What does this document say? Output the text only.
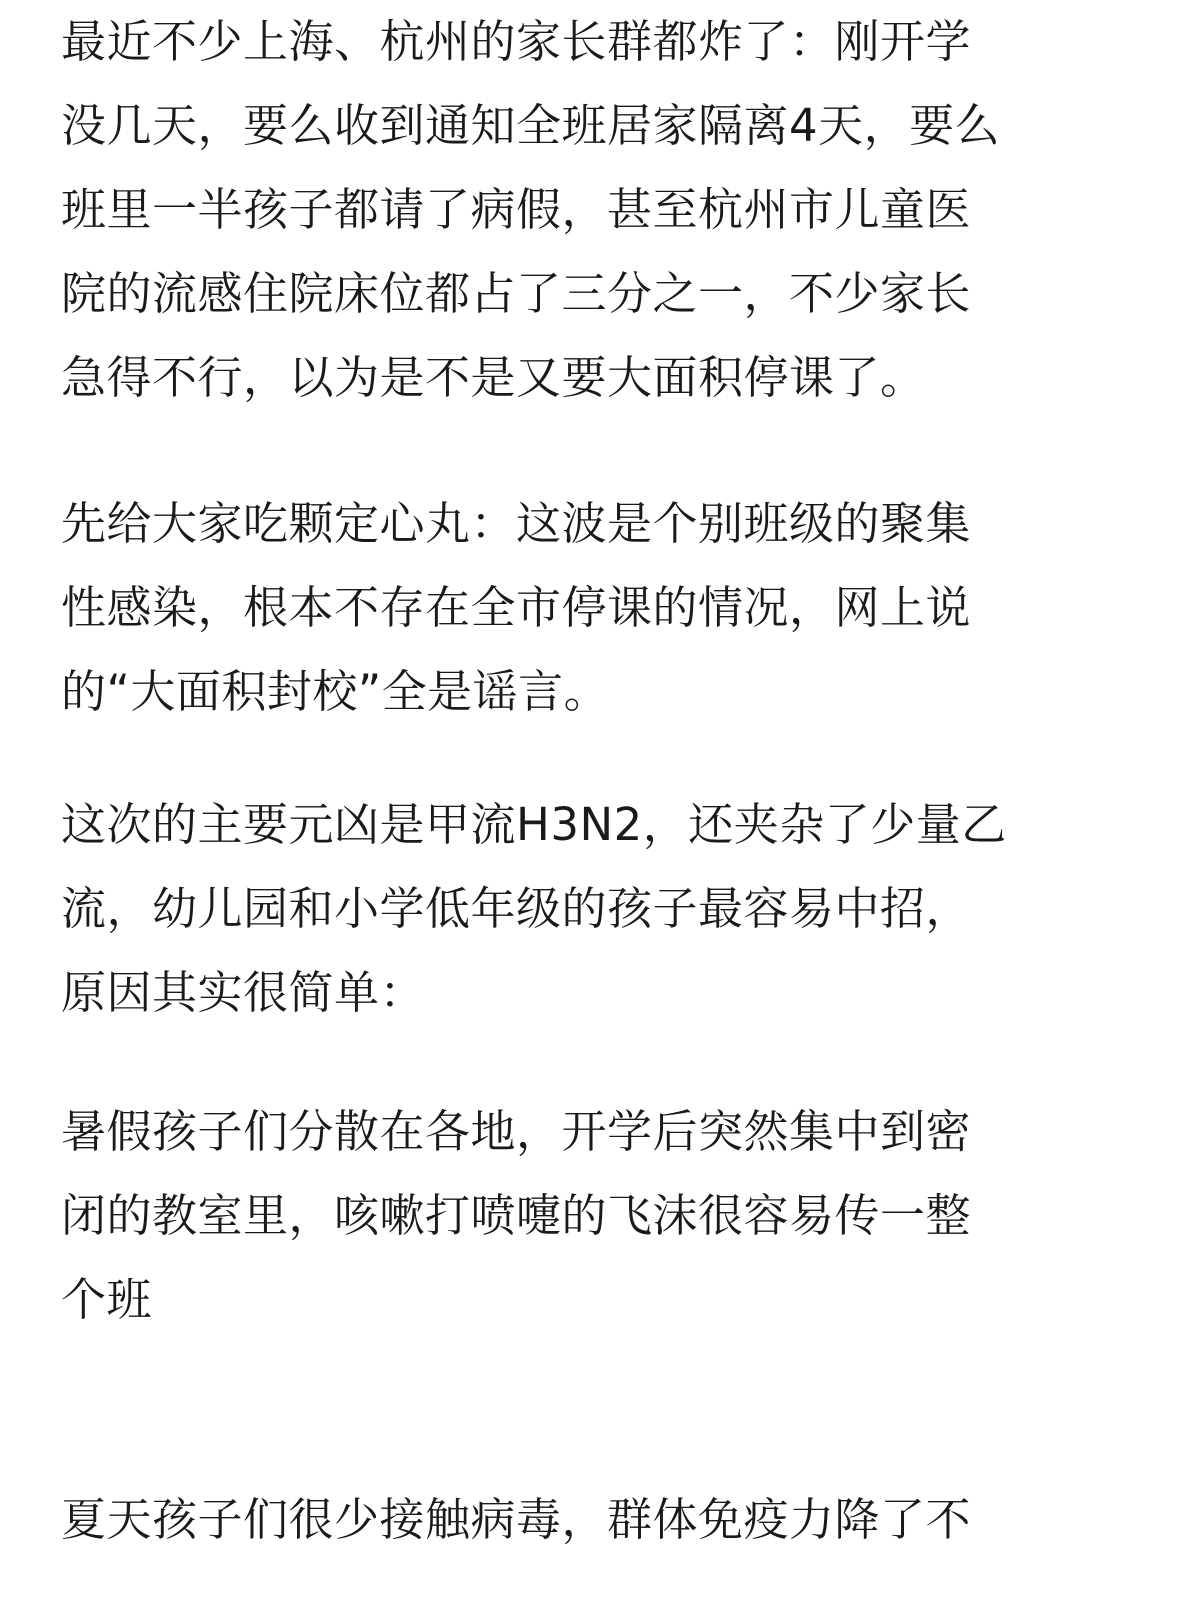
最近不少上海、杭州的家长群都炸了：刚开学
没几天，要么收到通知全班居家隔离4天，要么
班里一半孩子都请了病假，甚至杭州市儿童医
院的流感住院床位都占了三分之一，不少家长
急得不行，以为是不是又要大面积停课了。
先给大家吃颗定心丸：这波是个别班级的聚集
性感染，根本不存在全市停课的情况，网上说
的“大面积封校”全是谣言。
这次的主要元凶是甲流H3N2，还夹杂了少量乙
流，幼儿园和小学低年级的孩子最容易中招，
原因其实很简单：
暑假孩子们分散在各地，开学后突然集中到密
闭的教室里，咳嗽打喷嚏的飞沫很容易传一整
个班
夏天孩子们很少接触病毒，群体免疫力降了不
